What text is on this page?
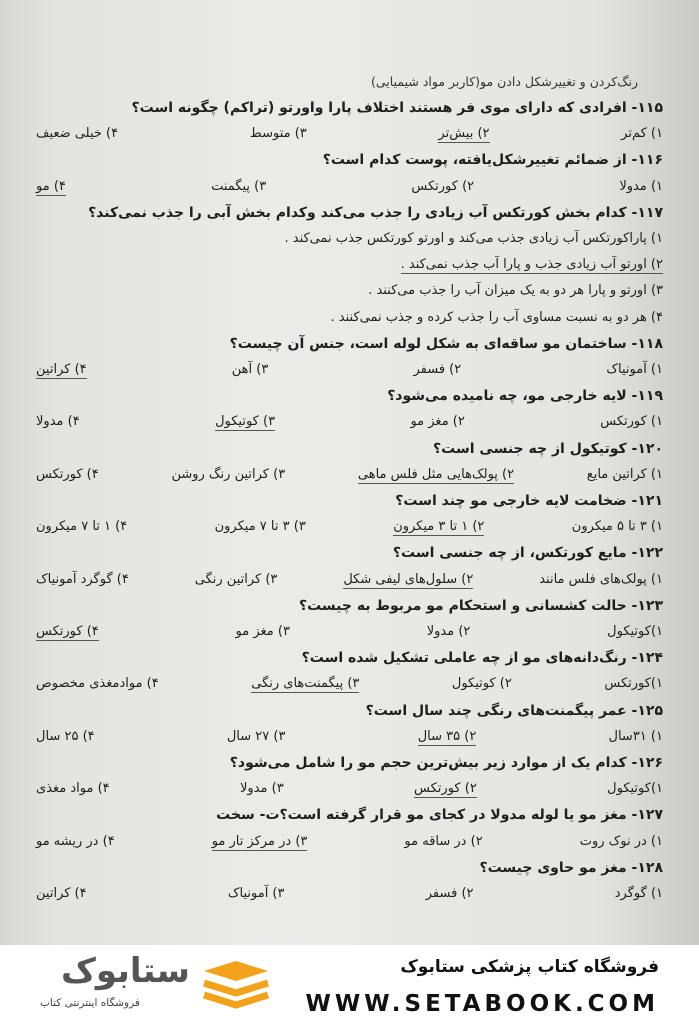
رنگ‌کردن و تغییرشکل دادن مو(کاربر مواد شیمیایی)
۱۱۵- افرادی که دارای موی فر هستند اختلاف پارا واورتو (تراکم) چگونه است؟
۱) کم‌تر
۲) بیش‌تر
۳) متوسط
۴) خیلی ضعیف
۱۱۶- از ضمائم تغییرشکل‌یافته، پوست کدام است؟
۱) مدولا
۲) کورتکس
۳) پیگمنت
۴) مو
۱۱۷- کدام بخش کورتکس آب زیادی را جذب می‌کند وکدام بخش آبی را جذب نمی‌کند؟
۱) پاراکورتکس آب زیادی جذب می‌کند و اورتو کورتکس جذب نمی‌کند .
۲) اورتو آب زیادی جذب و پارا آب جذب نمی‌کند .
۳) اورتو و پارا هر دو به یک میزان آب را جذب می‌کنند .
۴) هر دو به نسبت مساوی آب را جذب کرده و جذب نمی‌کنند .
۱۱۸- ساختمان مو ساقه‌ای به شکل لوله است، جنس آن چیست؟
۱) آمونیاک
۲) فسفر
۳) آهن
۴) کراتین
۱۱۹- لایه خارجی مو، چه نامیده می‌شود؟
۱) کورتکس
۲) مغز مو
۳) کوتیکول
۴) مدولا
۱۲۰- کوتیکول از چه جنسی است؟
۱) کراتین مایع
۲) پولک‌هایی مثل فلس ماهی
۳) کراتین رنگ روشن
۴) کورتکس
۱۲۱- ضخامت لایه خارجی مو چند است؟
۱) ۳ تا ۵ میکرون
۲) ۱ تا ۳ میکرون
۳) ۳ تا ۷ میکرون
۴) ۱ تا ۷ میکرون
۱۲۲- مایع کورتکس، از چه جنسی است؟
۱) پولک‌های فلس مانند
۲) سلول‌های لیفی شکل
۳) کراتین رنگی
۴) گوگرد آمونیاک
۱۲۳- حالت کشسانی و استحکام مو مربوط به چیست؟
۱)کوتیکول
۲) مدولا
۳) مغز مو
۴) کورتکس
۱۲۴- رنگ‌دانه‌های مو از چه عاملی تشکیل شده است؟
۱)کورتکس
۲) کوتیکول
۳) پیگمنت‌های رنگی
۴) موادمغذی مخصوص
۱۲۵- عمر پیگمنت‌های رنگی چند سال است؟
۱) ۳۱سال
۲) ۳۵ سال
۳) ۲۷ سال
۴) ۲۵ سال
۱۲۶- کدام یک از موارد زیر بیش‌ترین حجم مو را شامل می‌شود؟
۱)کوتیکول
۲) کورتکس
۳) مدولا
۴) مواد مغذی
۱۲۷- مغز مو یا لوله مدولا در کجای مو قرار گرفته است؟ت- سخت
۱) در نوک روت
۲) در ساقه مو
۳) در مرکز تار مو
۴) در ریشه مو
۱۲۸- مغز مو حاوی چیست؟
۱) گوگرد
۲) فسفر
۳) آمونیاک
۴) کراتین
فروشگاه کتاب پزشکی ستابوک
WWW.SETABOOK.COM
ستابوک
فروشگاه اینترنتی کتاب
